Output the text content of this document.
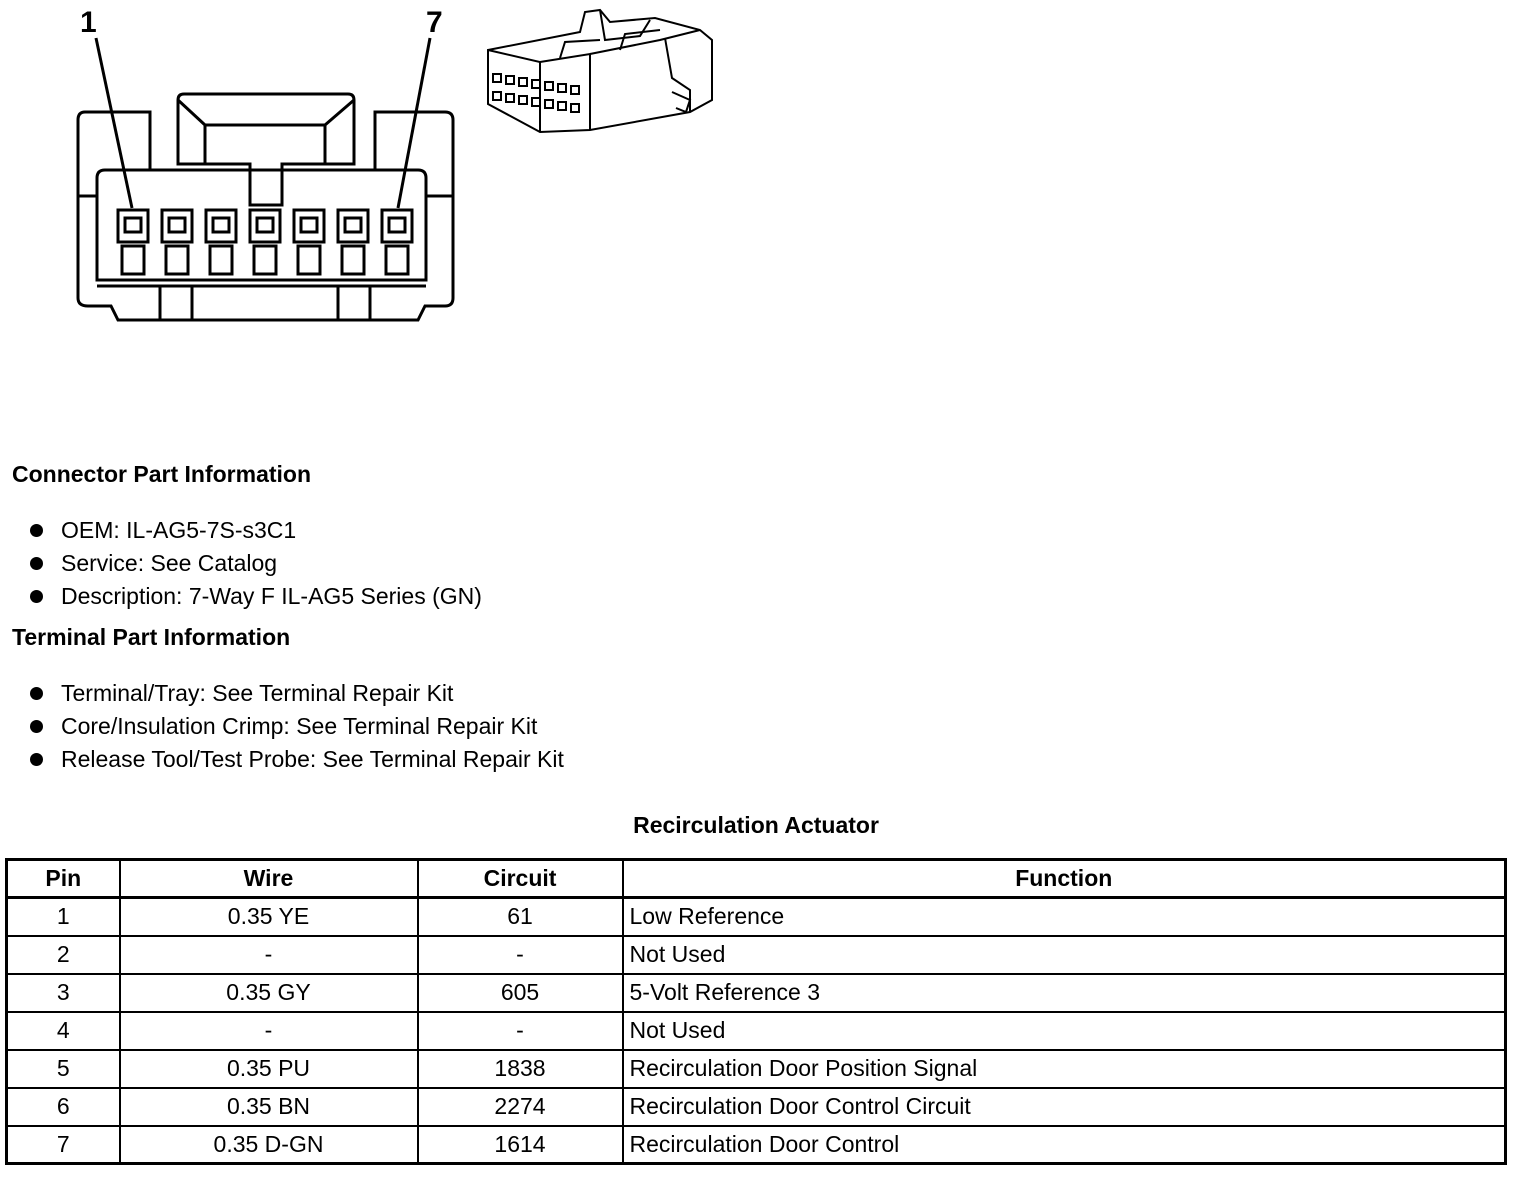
1	7
Connector Part Information
OEM: IL-AG5-7S-s3C1
Service: See Catalog
Description: 7-Way F IL-AG5 Series (GN)
Terminal Part Information
Terminal/Tray: See Terminal Repair Kit
Core/Insulation Crimp: See Terminal Repair Kit
Release Tool/Test Probe: See Terminal Repair Kit
Recirculation Actuator
Pin	Wire	Circuit	Function
1	0.35 YE	61	Low Reference
2	-	-	Not Used
3	0.35 GY	605	5-Volt Reference 3
4	-	-	Not Used
5	0.35 PU	1838	Recirculation Door Position Signal
6	0.35 BN	2274	Recirculation Door Control Circuit
7	0.35 D-GN	1614	Recirculation Door Control
